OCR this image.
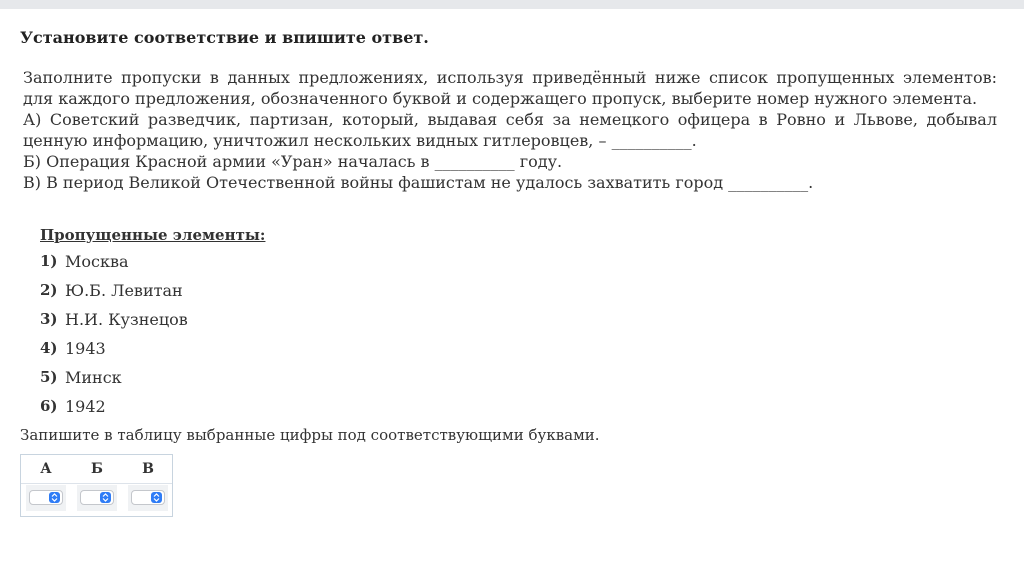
Установите соответствие и впишите ответ.

Заполните пропуски в данных предложениях, используя приведённый ниже список пропущенных элементов: для каждого предложения, обозначенного буквой и содержащего пропуск, выберите номер нужного элемента.

А) Советский разведчик, партизан, который, выдавая себя за немецкого офицера в Ровно и Львове, добывал ценную информацию, уничтожил нескольких видных гитлеровцев, – __________.

Б) Операция Красной армии «Уран» началась в __________ году.

В) В период Великой Отечественной войны фашистам не удалось захватить город __________.

Пропущенные элементы:
1) Москва
2) Ю.Б. Левитан
3) Н.И. Кузнецов
4) 1943
5) Минск
6) 1942
Запишите в таблицу выбранные цифры под соответствующими буквами.
А	Б	В
